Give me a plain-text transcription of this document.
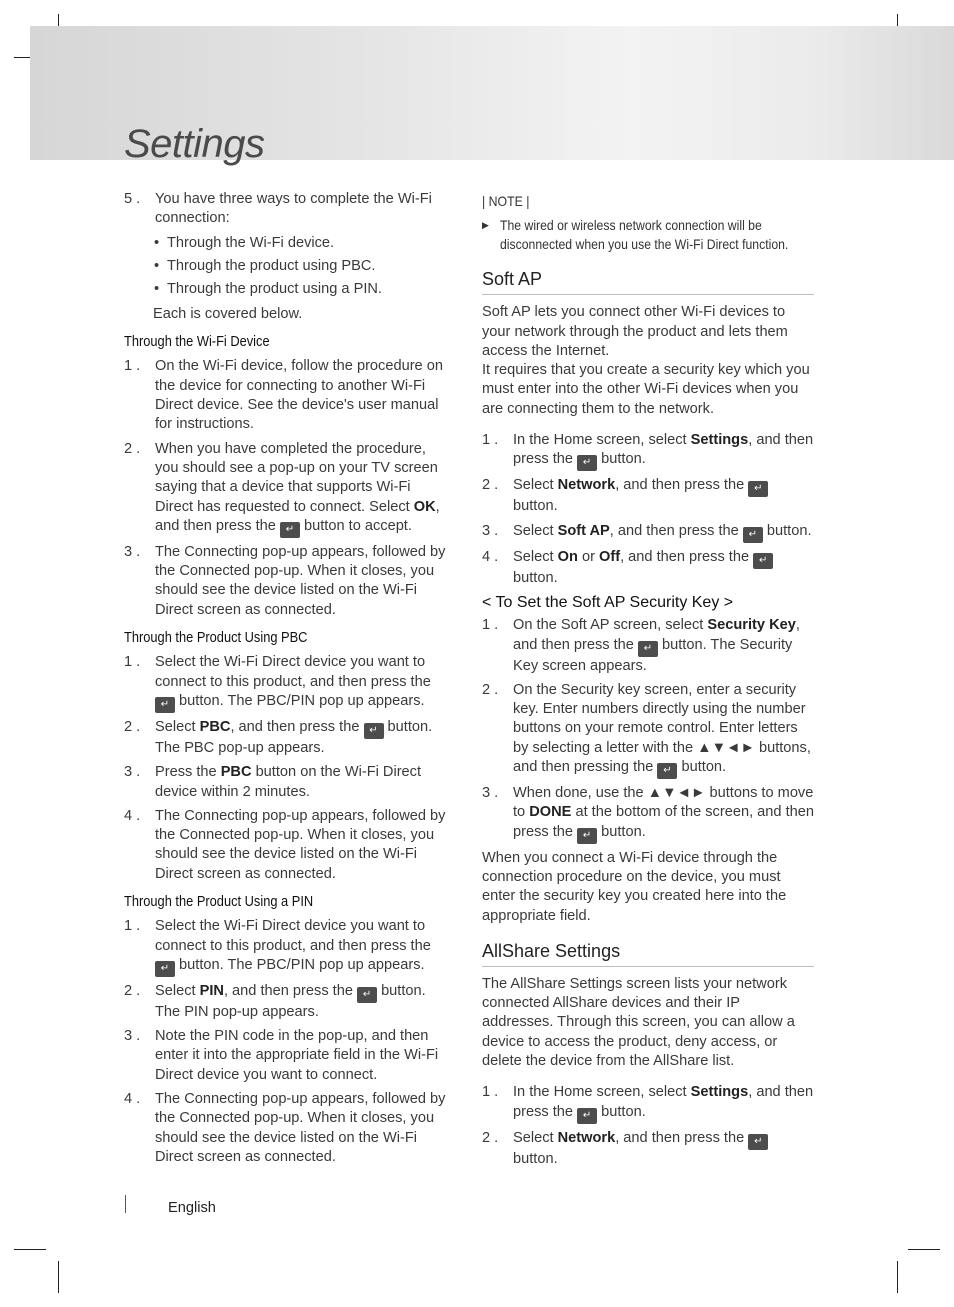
Settings
5 .	You have three ways to complete the Wi-Fi connection:
• Through the Wi-Fi device.
• Through the product using PBC.
• Through the product using a PIN.
Each is covered below.
Through the Wi-Fi Device
1 .	On the Wi-Fi device, follow the procedure on the device for connecting to another Wi-Fi Direct device. See the device's user manual for instructions.
2 .	When you have completed the procedure, you should see a pop-up on your TV screen saying that a device that supports Wi-Fi Direct has requested to connect. Select OK, and then press the ↵ button to accept.
3 .	The Connecting pop-up appears, followed by the Connected pop-up. When it closes, you should see the device listed on the Wi-Fi Direct screen as connected.
Through the Product Using PBC
1 .	Select the Wi-Fi Direct device you want to connect to this product, and then press the ↵ button. The PBC/PIN pop up appears.
2 .	Select PBC, and then press the ↵ button. The PBC pop-up appears.
3 .	Press the PBC button on the Wi-Fi Direct device within 2 minutes.
4 .	The Connecting pop-up appears, followed by the Connected pop-up. When it closes, you should see the device listed on the Wi-Fi Direct screen as connected.
Through the Product Using a PIN
1 .	Select the Wi-Fi Direct device you want to connect to this product, and then press the ↵ button. The PBC/PIN pop up appears.
2 .	Select PIN, and then press the ↵ button. The PIN pop-up appears.
3 .	Note the PIN code in the pop-up, and then enter it into the appropriate field in the Wi-Fi Direct device you want to connect.
4 .	The Connecting pop-up appears, followed by the Connected pop-up. When it closes, you should see the device listed on the Wi-Fi Direct screen as connected.
| NOTE |
▶ The wired or wireless network connection will be
disconnected when you use the Wi-Fi Direct function.
Soft AP
Soft AP lets you connect other Wi-Fi devices to your network through the product and lets them access the Internet.
It requires that you create a security key which you must enter into the other Wi-Fi devices when you are connecting them to the network.
1 .	In the Home screen, select Settings, and then press the ↵ button.
2 .	Select Network, and then press the ↵ button.
3 .	Select Soft AP, and then press the ↵ button.
4 .	Select On or Off, and then press the ↵ button.
< To Set the Soft AP Security Key >
1 .	On the Soft AP screen, select Security Key, and then press the ↵ button. The Security Key screen appears.
2 .	On the Security key screen, enter a security key. Enter numbers directly using the number buttons on your remote control. Enter letters by selecting a letter with the ▲▼◄► buttons, and then pressing the ↵ button.
3 .	When done, use the ▲▼◄► buttons to move to DONE at the bottom of the screen, and then press the ↵ button.
When you connect a Wi-Fi device through the connection procedure on the device, you must enter the security key you created here into the appropriate field.
AllShare Settings
The AllShare Settings screen lists your network connected AllShare devices and their IP addresses. Through this screen, you can allow a device to access the product, deny access, or delete the device from the AllShare list.
1 .	In the Home screen, select Settings, and then press the ↵ button.
2 .	Select Network, and then press the ↵ button.
English
